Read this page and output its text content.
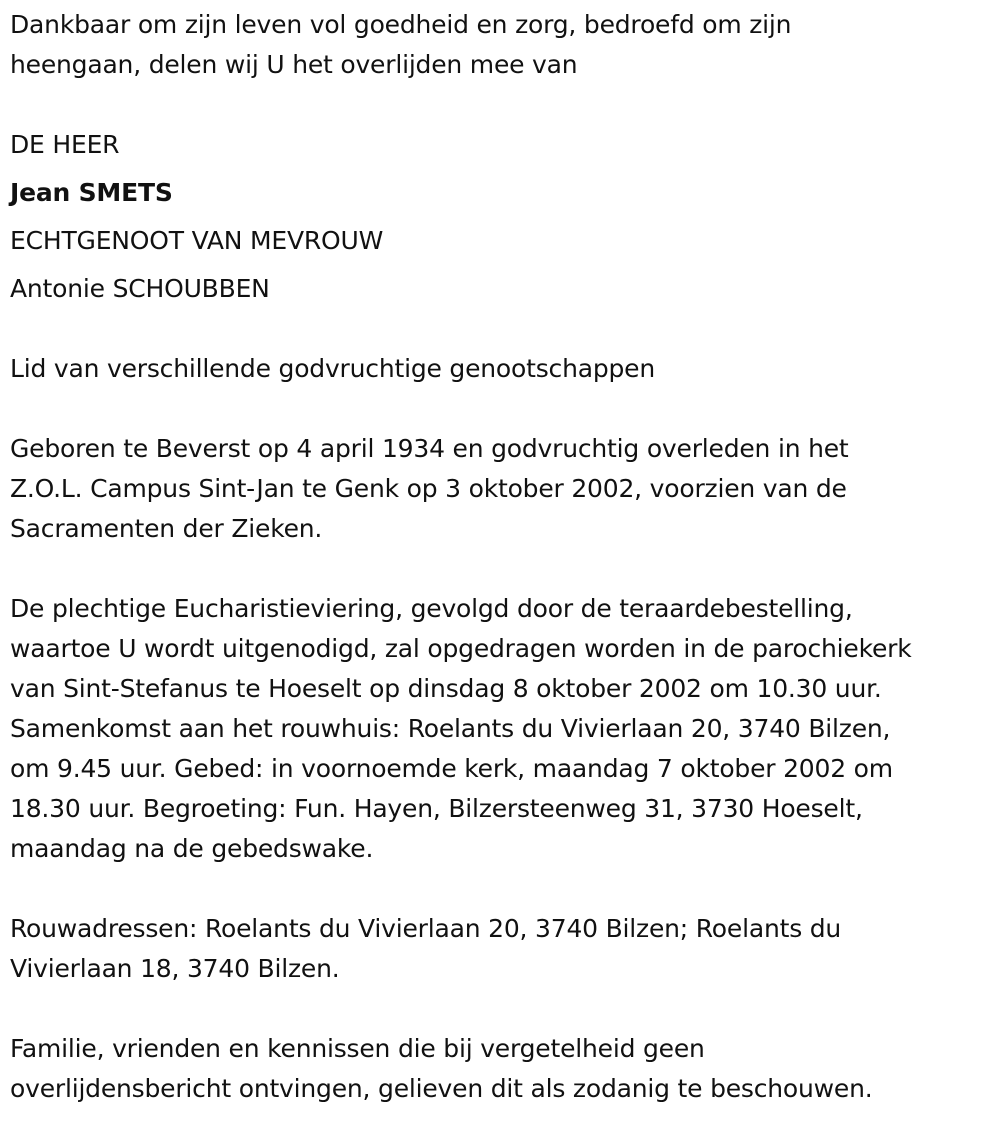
Dankbaar om zijn leven vol goedheid en zorg, bedroefd om zijn
heengaan, delen wij U het overlijden mee van
DE HEER
Jean SMETS
ECHTGENOOT VAN MEVROUW
Antonie SCHOUBBEN
Lid van verschillende godvruchtige genootschappen
Geboren te Beverst op 4 april 1934 en godvruchtig overleden in het
Z.O.L. Campus Sint-Jan te Genk op 3 oktober 2002, voorzien van de
Sacramenten der Zieken.
De plechtige Eucharistieviering, gevolgd door de teraardebestelling,
waartoe U wordt uitgenodigd, zal opgedragen worden in de parochiekerk
van Sint-Stefanus te Hoeselt op dinsdag 8 oktober 2002 om 10.30 uur.
Samenkomst aan het rouwhuis: Roelants du Vivierlaan 20, 3740 Bilzen,
om 9.45 uur. Gebed: in voornoemde kerk, maandag 7 oktober 2002 om
18.30 uur. Begroeting: Fun. Hayen, Bilzersteenweg 31, 3730 Hoeselt,
maandag na de gebedswake.
Rouwadressen: Roelants du Vivierlaan 20, 3740 Bilzen; Roelants du
Vivierlaan 18, 3740 Bilzen.
Familie, vrienden en kennissen die bij vergetelheid geen
overlijdensbericht ontvingen, gelieven dit als zodanig te beschouwen.
